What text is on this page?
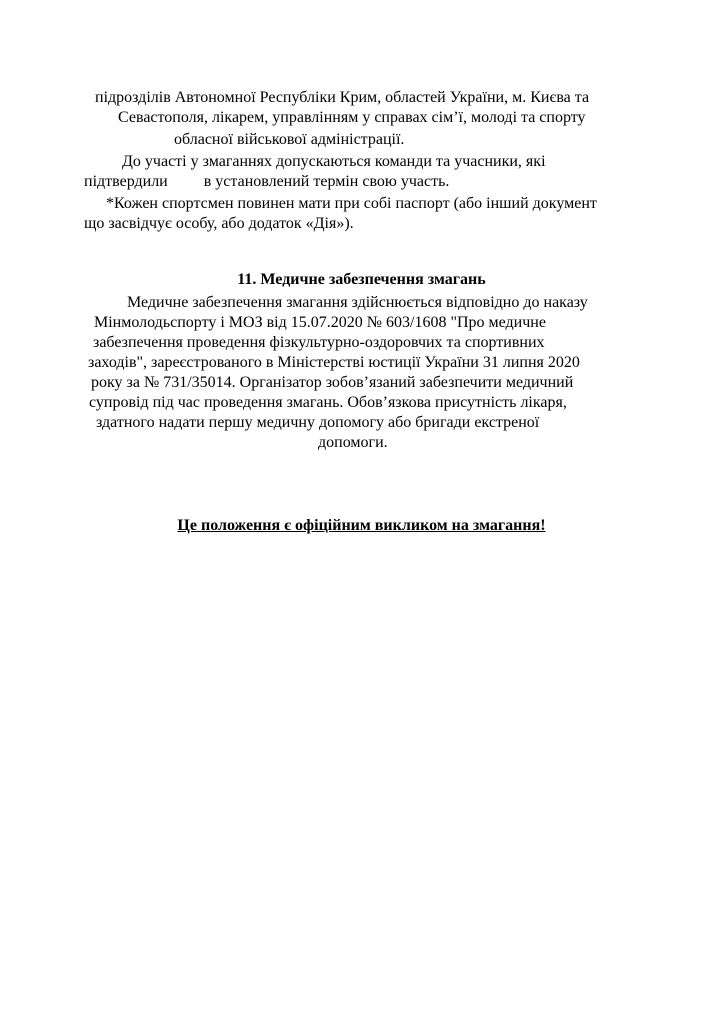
підрозділів Автономної Республіки Крим, областей України, м. Києва та
Севастополя, лікарем, управлінням у справах сім’ї, молоді та спорту
обласної військової адміністрації.
До участі у змаганнях допускаються команди та учасники, які
підтвердили         в установлений термін свою участь.
*Кожен спортсмен повинен мати при собі паспорт (або інший документ
що засвідчує особу, або додаток «Дія»).
11. Медичне забезпечення змагань
Медичне забезпечення змагання здійснюється відповідно до наказу
Мінмолодьспорту і МОЗ від 15.07.2020 № 603/1608 "Про медичне
забезпечення проведення фізкультурно-оздоровчих та спортивних
заходів", зареєстрованого в Міністерстві юстиції України 31 липня 2020
року за № 731/35014. Організатор зобов’язаний забезпечити медичний
супровід під час проведення змагань. Обов’язкова присутність лікаря,
здатного надати першу медичну допомогу або бригади екстреної
допомоги.
Це положення є офіційним викликом на змагання!
